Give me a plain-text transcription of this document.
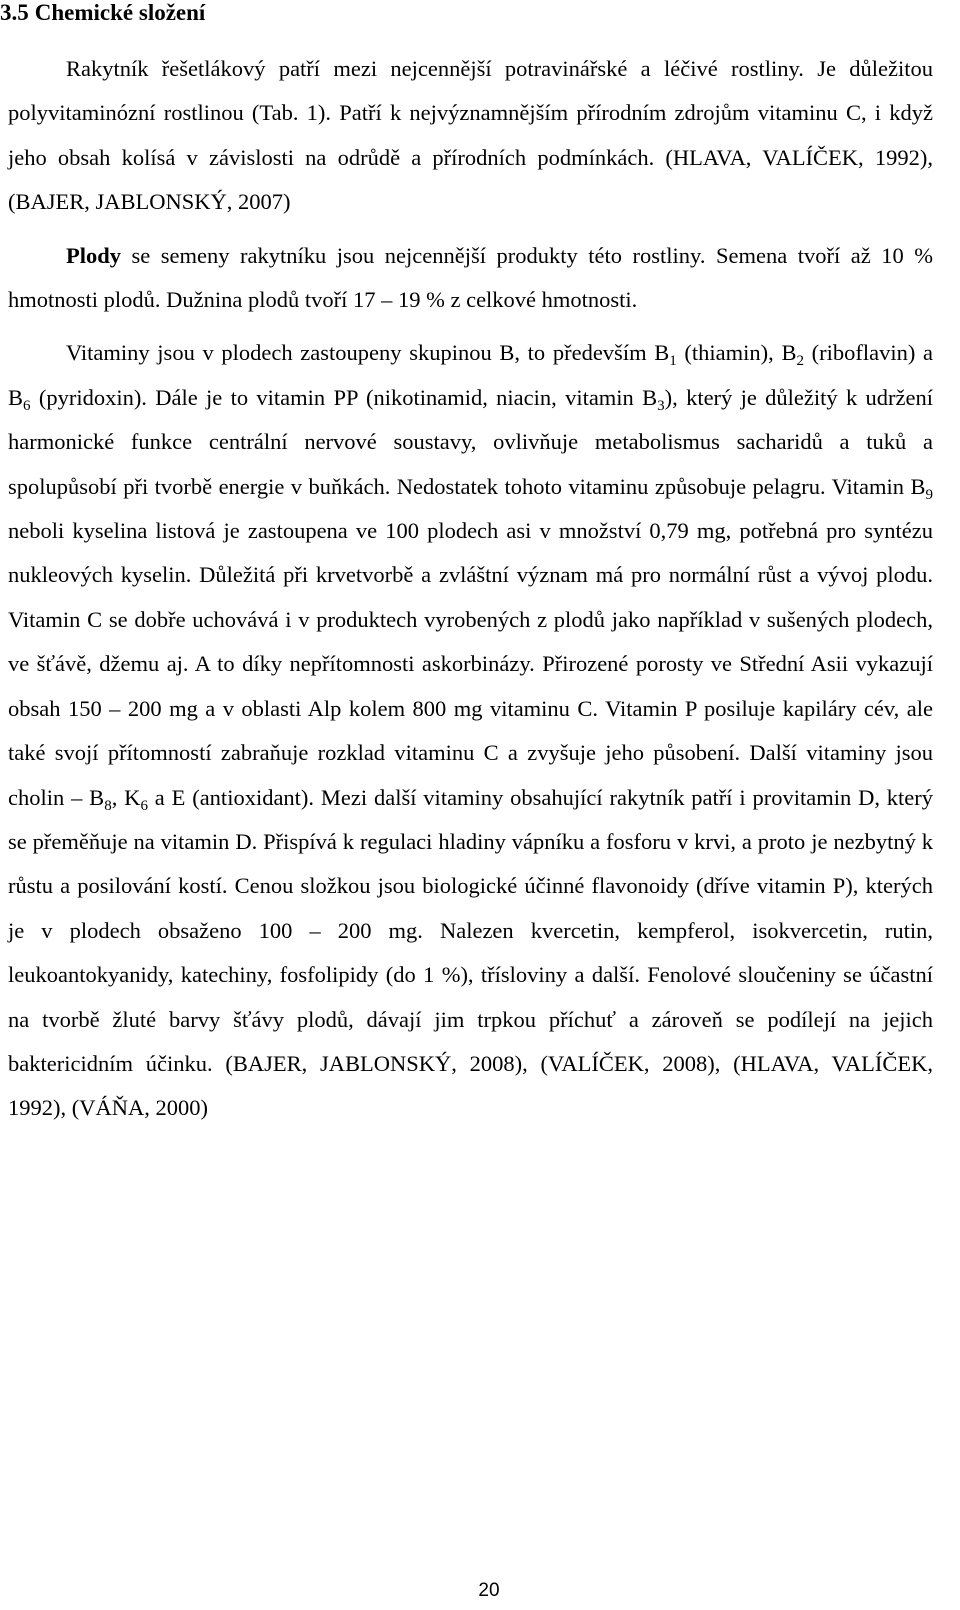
3.5 Chemické složení

Rakytník řešetlákový patří mezi nejcennější potravinářské a léčivé rostliny. Je důležitou polyvitaminózní rostlinou (Tab. 1). Patří k nejvýznamnějším přírodním zdrojům vitaminu C, i když jeho obsah kolísá v závislosti na odrůdě a přírodních podmínkách. (HLAVA, VALÍČEK, 1992), (BAJER, JABLONSKÝ, 2007)

Plody se semeny rakytníku jsou nejcennější produkty této rostliny. Semena tvoří až 10 % hmotnosti plodů. Dužnina plodů tvoří 17 – 19 % z celkové hmotnosti.

Vitaminy jsou v plodech zastoupeny skupinou B, to především $B_1$ (thiamin), $B_2$ (riboflavin) a $B_6$ (pyridoxin). Dále je to vitamin PP (nikotinamid, niacin, vitamin $B_3$), který je důležitý k udržení harmonické funkce centrální nervové soustavy, ovlivňuje metabolismus sacharidů a tuků a spolupůsobí při tvorbě energie v buňkách. Nedostatek tohoto vitaminu způsobuje pelagru. Vitamin $B_9$ neboli kyselina listová je zastoupena ve 100 plodech asi v množství 0,79 mg, potřebná pro syntézu nukleových kyselin. Důležitá při krvetvorbě a zvláštní význam má pro normální růst a vývoj plodu. Vitamin C se dobře uchovává i v produktech vyrobených z plodů jako například v sušených plodech, ve šťávě, džemu aj. A to díky nepřítomnosti askorbinázy. Přirozené porosty ve Střední Asii vykazují obsah 150 – 200 mg a v oblasti Alp kolem 800 mg vitaminu C. Vitamin P posiluje kapiláry cév, ale také svojí přítomností zabraňuje rozklad vitaminu C a zvyšuje jeho působení. Další vitaminy jsou cholin – $B_8$, $K_6$ a E (antioxidant). Mezi další vitaminy obsahující rakytník patří i provitamin D, který se přeměňuje na vitamin D. Přispívá k regulaci hladiny vápníku a fosforu v krvi, a proto je nezbytný k růstu a posilování kostí. Cenou složkou jsou biologické účinné flavonoidy (dříve vitamin P), kterých je v plodech obsaženo 100 – 200 mg. Nalezen kvercetin, kempferol, isokvercetin, rutin, leukoantokyanidy, katechiny, fosfolipidy (do 1 %), třísloviny a další. Fenolové sloučeniny se účastní na tvorbě žluté barvy šťávy plodů, dávají jim trpkou příchuť a zároveň se podílejí na jejich baktericidním účinku. (BAJER, JABLONSKÝ, 2008), (VALÍČEK, 2008), (HLAVA, VALÍČEK, 1992), (VÁŇA, 2000)

20
